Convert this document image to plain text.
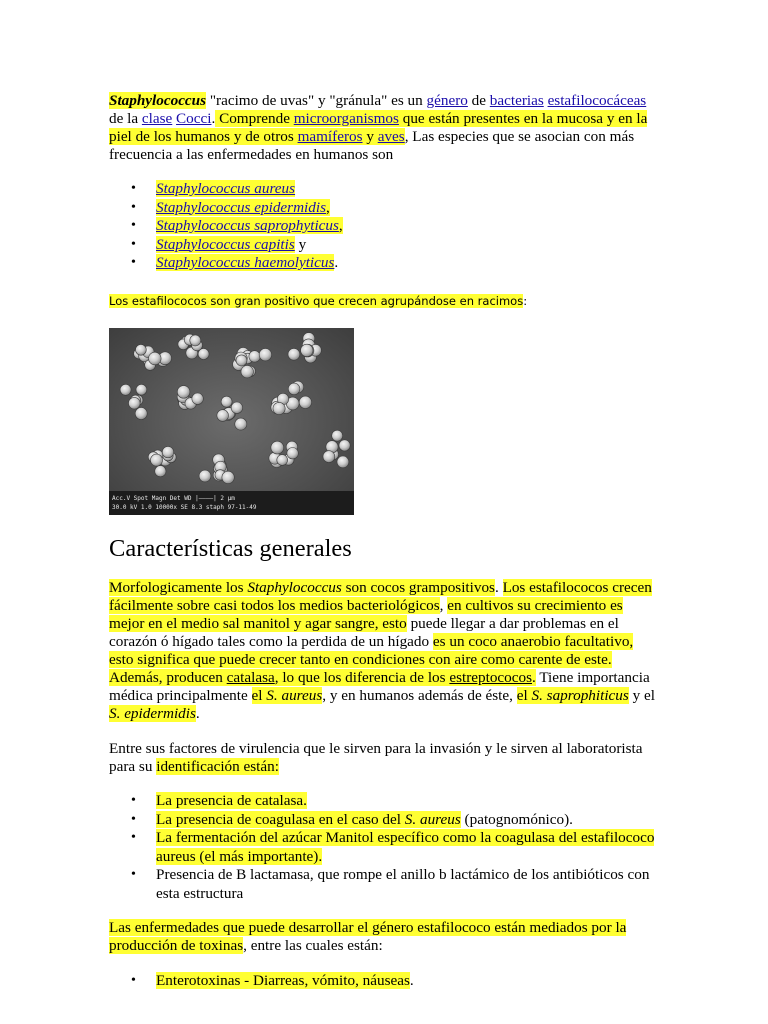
Staphylococcus "racimo de uvas" y "gránula" es un género de bacterias estafilococáceas de la clase Cocci. Comprende microorganismos que están presentes en la mucosa y en la piel de los humanos y de otros mamíferos y aves, Las especies que se asocian con más frecuencia a las enfermedades en humanos son

• Staphylococcus aureus
• Staphylococcus epidermidis,
• Staphylococcus saprophyticus,
• Staphylococcus capitis y
• Staphylococcus haemolyticus.

Los estafilococos son gran positivo que crecen agrupándose en racimos:

Acc.V Spot Magn Det WD |————| 2 μm
30.0 kV 1.0 10000x SE 8.3 staph 97-11-49
Características generales

Morfologicamente los Staphylococcus son cocos grampositivos. Los estafilococos crecen fácilmente sobre casi todos los medios bacteriológicos, en cultivos su crecimiento es mejor en el medio sal manitol y agar sangre, esto puede llegar a dar problemas en el corazón ó hígado tales como la perdida de un hígado es un coco anaerobio facultativo, esto significa que puede crecer tanto en condiciones con aire como carente de este. Además, producen catalasa, lo que los diferencia de los estreptococos. Tiene importancia médica principalmente el S. aureus, y en humanos además de éste, el S. saprophiticus y el S. epidermidis.

Entre sus factores de virulencia que le sirven para la invasión y le sirven al laboratorista para su identificación están:

• La presencia de catalasa.
• La presencia de coagulasa en el caso del S. aureus (patognomónico).
• La fermentación del azúcar Manitol específico como la coagulasa del estafilococo aureus (el más importante).
• Presencia de B lactamasa, que rompe el anillo b lactámico de los antibióticos con esta estructura

Las enfermedades que puede desarrollar el género estafilococo están mediados por la producción de toxinas, entre las cuales están:

• Enterotoxinas - Diarreas, vómito, náuseas.
